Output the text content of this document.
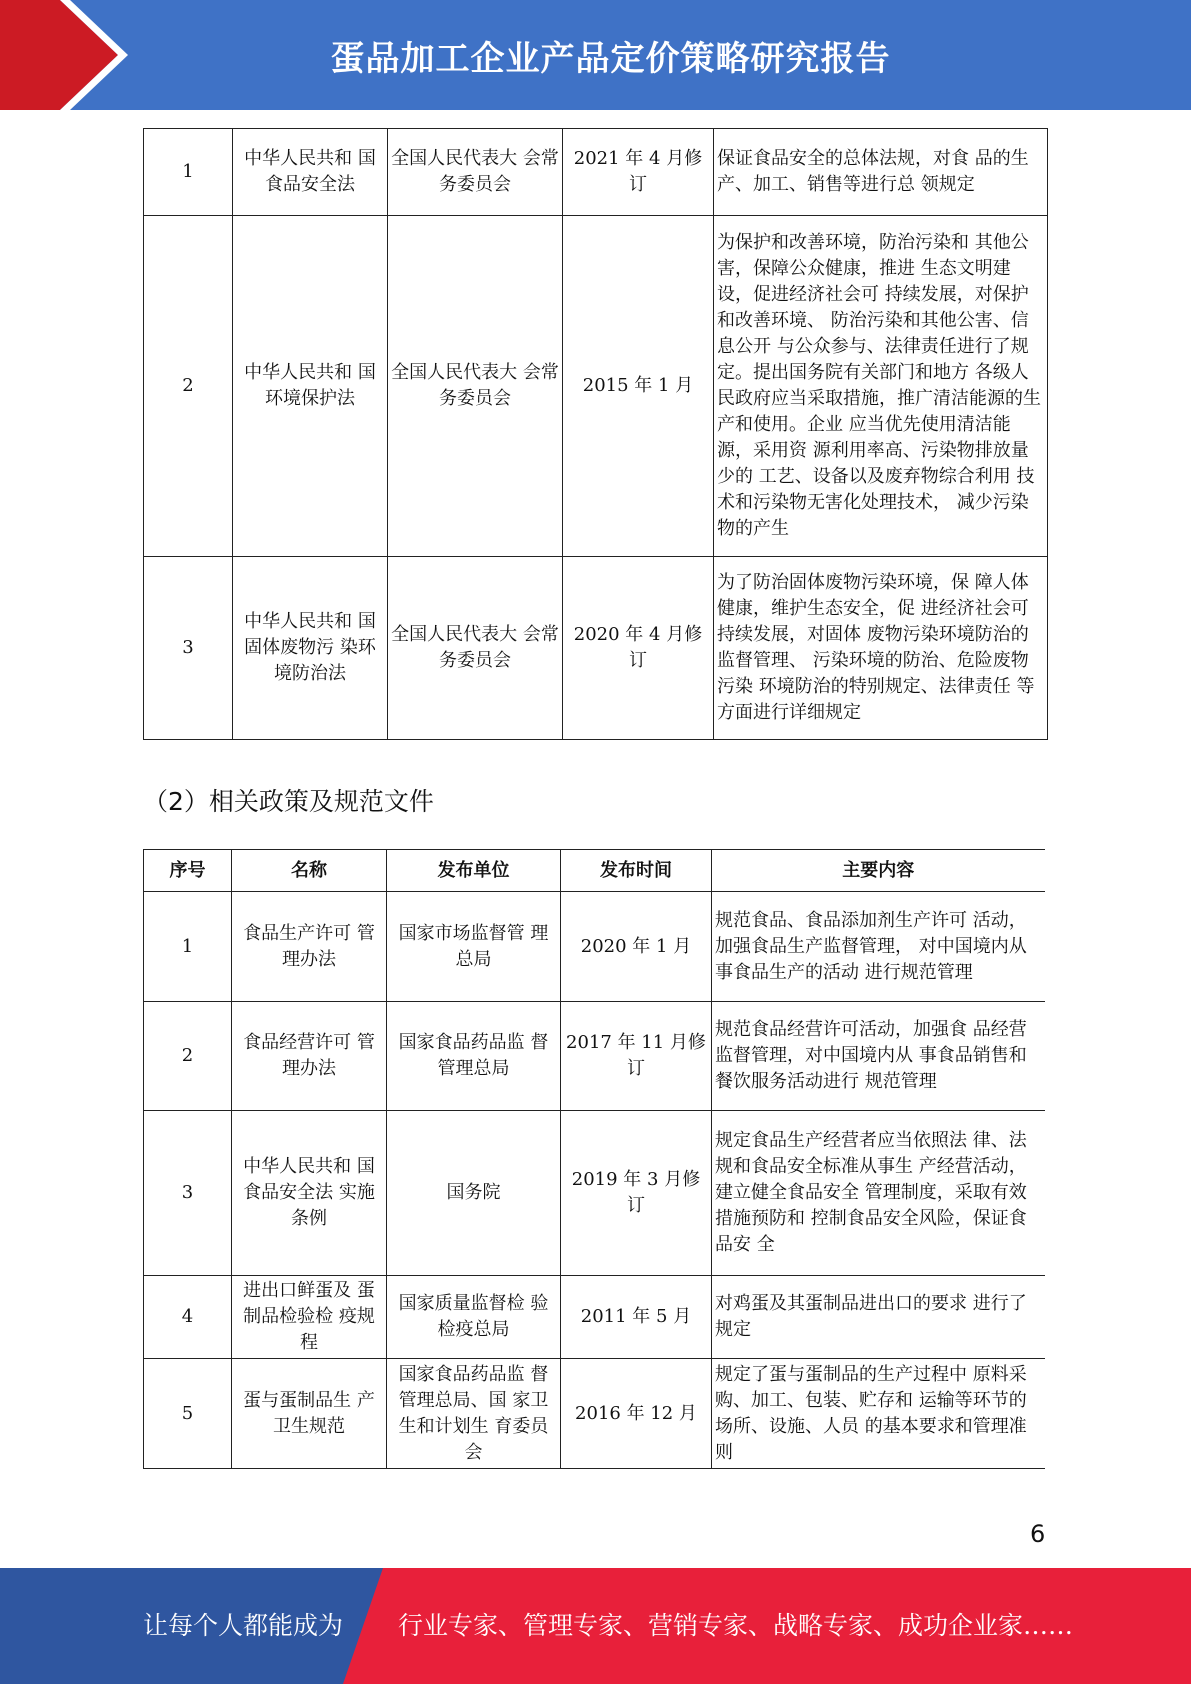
蛋品加工企业产品定价策略研究报告
1	中华人民共和 国食品安全法	全国人民代表大 会常务委员会	2021 年 4 月修订	保证食品安全的总体法规，对食 品的生产、加工、销售等进行总 领规定
2	中华人民共和 国环境保护法	全国人民代表大 会常务委员会	2015 年 1 月	为保护和改善环境，防治污染和 其他公害，保障公众健康，推进 生态文明建设，促进经济社会可 持续发展，对保护和改善环境、 防治污染和其他公害、信息公开 与公众参与、法律责任进行了规 定。提出国务院有关部门和地方 各级人民政府应当采取措施，推广清洁能源的生产和使用。企业 应当优先使用清洁能源，采用资 源利用率高、污染物排放量少的 工艺、设备以及废弃物综合利用 技术和污染物无害化处理技术， 减少污染物的产生
3	中华人民共和 国固体废物污 染环境防治法	全国人民代表大 会常务委员会	2020 年 4 月修订	为了防治固体废物污染环境，保 障人体健康，维护生态安全，促 进经济社会可持续发展，对固体 废物污染环境防治的监督管理、 污染环境的防治、危险废物污染 环境防治的特别规定、法律责任 等方面进行详细规定
（2）相关政策及规范文件
序号	名称	发布单位	发布时间	主要内容
1	食品生产许可 管理办法	国家市场监督管 理总局	2020 年 1 月	规范食品、食品添加剂生产许可 活动，加强食品生产监督管理， 对中国境内从事食品生产的活动 进行规范管理
2	食品经营许可 管理办法	国家食品药品监 督管理总局	2017 年 11 月修订	规范食品经营许可活动，加强食 品经营监督管理，对中国境内从 事食品销售和餐饮服务活动进行 规范管理
3	中华人民共和 国食品安全法 实施条例	国务院	2019 年 3 月修订	规定食品生产经营者应当依照法 律、法规和食品安全标准从事生 产经营活动，建立健全食品安全 管理制度，采取有效措施预防和 控制食品安全风险，保证食品安 全
4	进出口鲜蛋及 蛋制品检验检 疫规程	国家质量监督检 验检疫总局	2011 年 5 月	对鸡蛋及其蛋制品进出口的要求 进行了规定
5	蛋与蛋制品生 产卫生规范	国家食品药品监 督管理总局、国 家卫生和计划生 育委员会	2016 年 12 月	规定了蛋与蛋制品的生产过程中 原料采购、加工、包装、贮存和 运输等环节的场所、设施、人员 的基本要求和管理准则
6
让每个人都能成为 行业专家、管理专家、营销专家、战略专家、成功企业家……
